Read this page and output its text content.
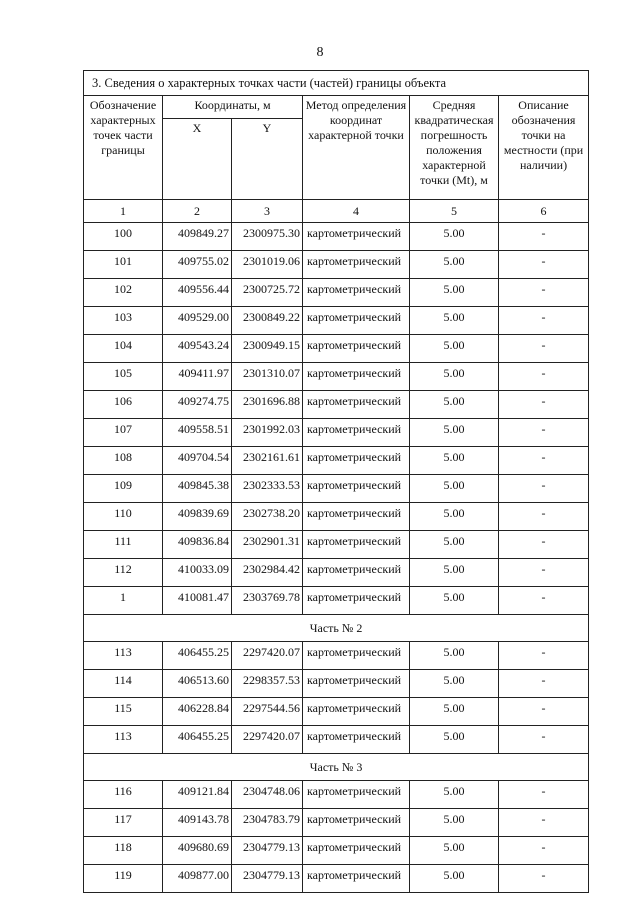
8
3. Сведения о характерных точках части (частей) границы объекта					
Обозначение характерных точек части границы	Координаты, м		Метод определения координат характерной точки	Средняя квадратическая погрешность положения характерной точки (Мt), м	Описание обозначения точки на местности (при наличии)
	X	Y			
1	2	3	4	5	6
100	409849.27	2300975.30	картометрический	5.00	-
101	409755.02	2301019.06	картометрический	5.00	-
102	409556.44	2300725.72	картометрический	5.00	-
103	409529.00	2300849.22	картометрический	5.00	-
104	409543.24	2300949.15	картометрический	5.00	-
105	409411.97	2301310.07	картометрический	5.00	-
106	409274.75	2301696.88	картометрический	5.00	-
107	409558.51	2301992.03	картометрический	5.00	-
108	409704.54	2302161.61	картометрический	5.00	-
109	409845.38	2302333.53	картометрический	5.00	-
110	409839.69	2302738.20	картометрический	5.00	-
111	409836.84	2302901.31	картометрический	5.00	-
112	410033.09	2302984.42	картометрический	5.00	-
1	410081.47	2303769.78	картометрический	5.00	-
Часть № 2					
113	406455.25	2297420.07	картометрический	5.00	-
114	406513.60	2298357.53	картометрический	5.00	-
115	406228.84	2297544.56	картометрический	5.00	-
113	406455.25	2297420.07	картометрический	5.00	-
Часть № 3					
116	409121.84	2304748.06	картометрический	5.00	-
117	409143.78	2304783.79	картометрический	5.00	-
118	409680.69	2304779.13	картометрический	5.00	-
119	409877.00	2304779.13	картометрический	5.00	-
